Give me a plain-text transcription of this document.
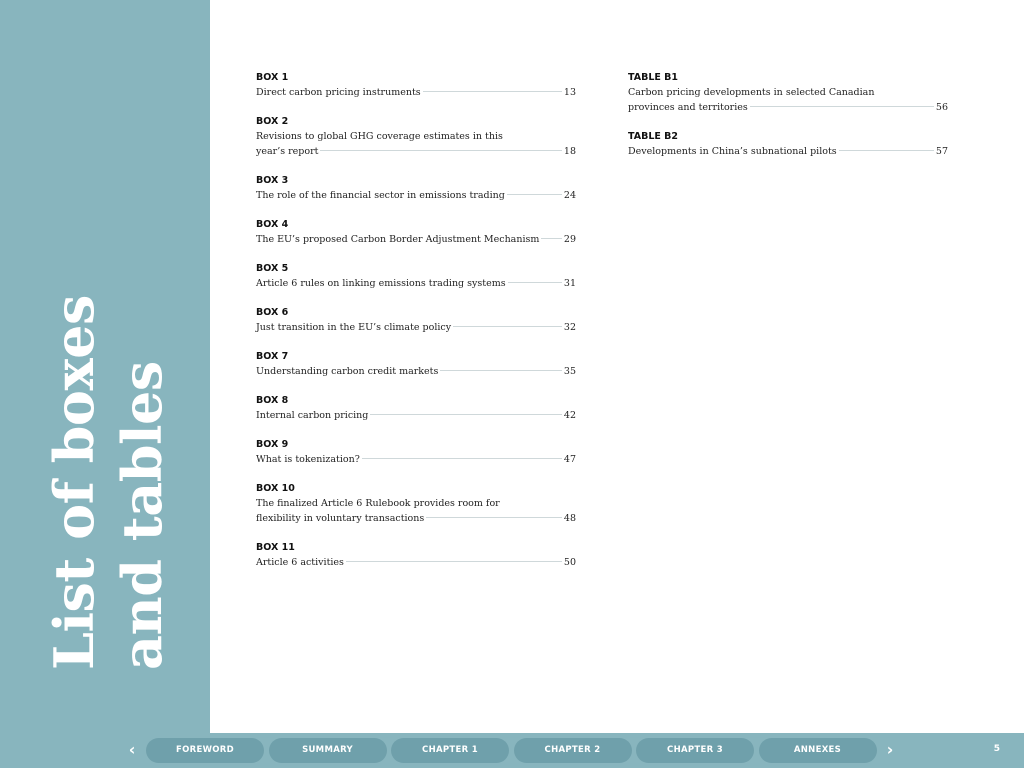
List of boxes and tables
BOX 1
Direct carbon pricing instruments	13
BOX 2
Revisions to global GHG coverage estimates in this
year’s report	18
BOX 3
The role of the financial sector in emissions trading	24
BOX 4
The EU’s proposed Carbon Border Adjustment Mechanism	29
BOX 5
Article 6 rules on linking emissions trading systems	31
BOX 6
Just transition in the EU’s climate policy	32
BOX 7
Understanding carbon credit markets	35
BOX 8
Internal carbon pricing	42
BOX 9
What is tokenization?	47
BOX 10
The finalized Article 6 Rulebook provides room for
flexibility in voluntary transactions	48
BOX 11
Article 6 activities	50
TABLE B1
Carbon pricing developments in selected Canadian
provinces and territories	56
TABLE B2
Developments in China’s subnational pilots	57
‹	FOREWORD	SUMMARY	CHAPTER 1	CHAPTER 2	CHAPTER 3	ANNEXES	›	5
